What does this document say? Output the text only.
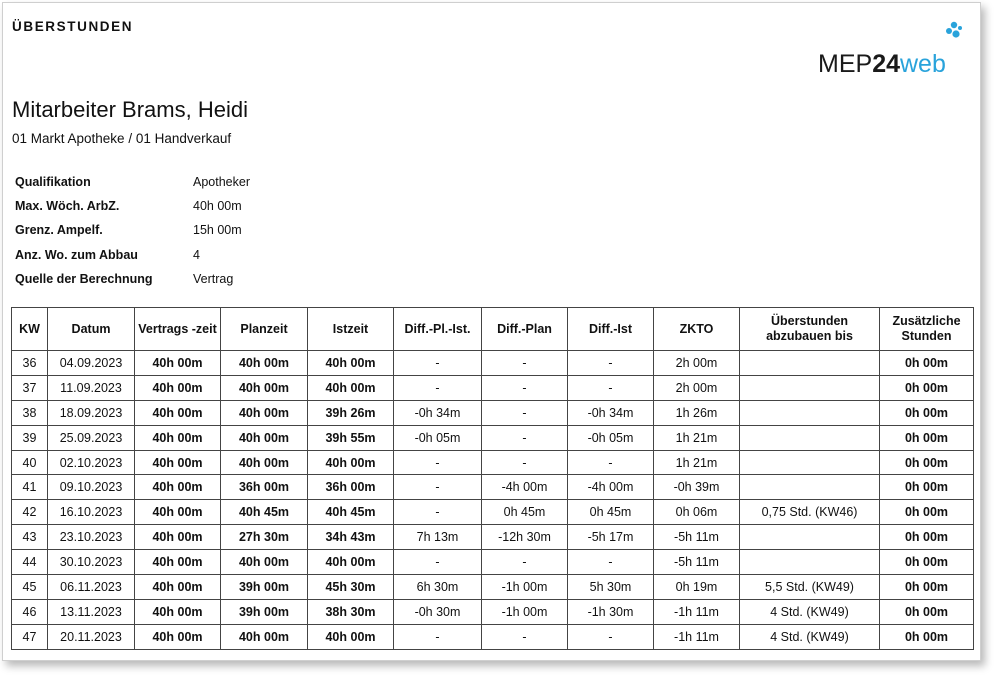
ÜBERSTUNDEN
MEP24web
Mitarbeiter Brams, Heidi
01 Markt Apotheke / 01 Handverkauf
Qualifikation	Apotheker
Max. Wöch. ArbZ.	40h 00m
Grenz. Ampelf.	15h 00m
Anz. Wo. zum Abbau	4
Quelle der Berechnung	Vertrag
KW	Datum	Vertrags -zeit	Planzeit	Istzeit	Diff.-Pl.-Ist.	Diff.-Plan	Diff.-Ist	ZKTO	Überstunden abzubauen bis	Zusätzliche Stunden
36	04.09.2023	40h 00m	40h 00m	40h 00m	-	-	-	2h 00m		0h 00m
37	11.09.2023	40h 00m	40h 00m	40h 00m	-	-	-	2h 00m		0h 00m
38	18.09.2023	40h 00m	40h 00m	39h 26m	-0h 34m	-	-0h 34m	1h 26m		0h 00m
39	25.09.2023	40h 00m	40h 00m	39h 55m	-0h 05m	-	-0h 05m	1h 21m		0h 00m
40	02.10.2023	40h 00m	40h 00m	40h 00m	-	-	-	1h 21m		0h 00m
41	09.10.2023	40h 00m	36h 00m	36h 00m	-	-4h 00m	-4h 00m	-0h 39m		0h 00m
42	16.10.2023	40h 00m	40h 45m	40h 45m	-	0h 45m	0h 45m	0h 06m	0,75 Std. (KW46)	0h 00m
43	23.10.2023	40h 00m	27h 30m	34h 43m	7h 13m	-12h 30m	-5h 17m	-5h 11m		0h 00m
44	30.10.2023	40h 00m	40h 00m	40h 00m	-	-	-	-5h 11m		0h 00m
45	06.11.2023	40h 00m	39h 00m	45h 30m	6h 30m	-1h 00m	5h 30m	0h 19m	5,5 Std. (KW49)	0h 00m
46	13.11.2023	40h 00m	39h 00m	38h 30m	-0h 30m	-1h 00m	-1h 30m	-1h 11m	4 Std. (KW49)	0h 00m
47	20.11.2023	40h 00m	40h 00m	40h 00m	-	-	-	-1h 11m	4 Std. (KW49)	0h 00m
